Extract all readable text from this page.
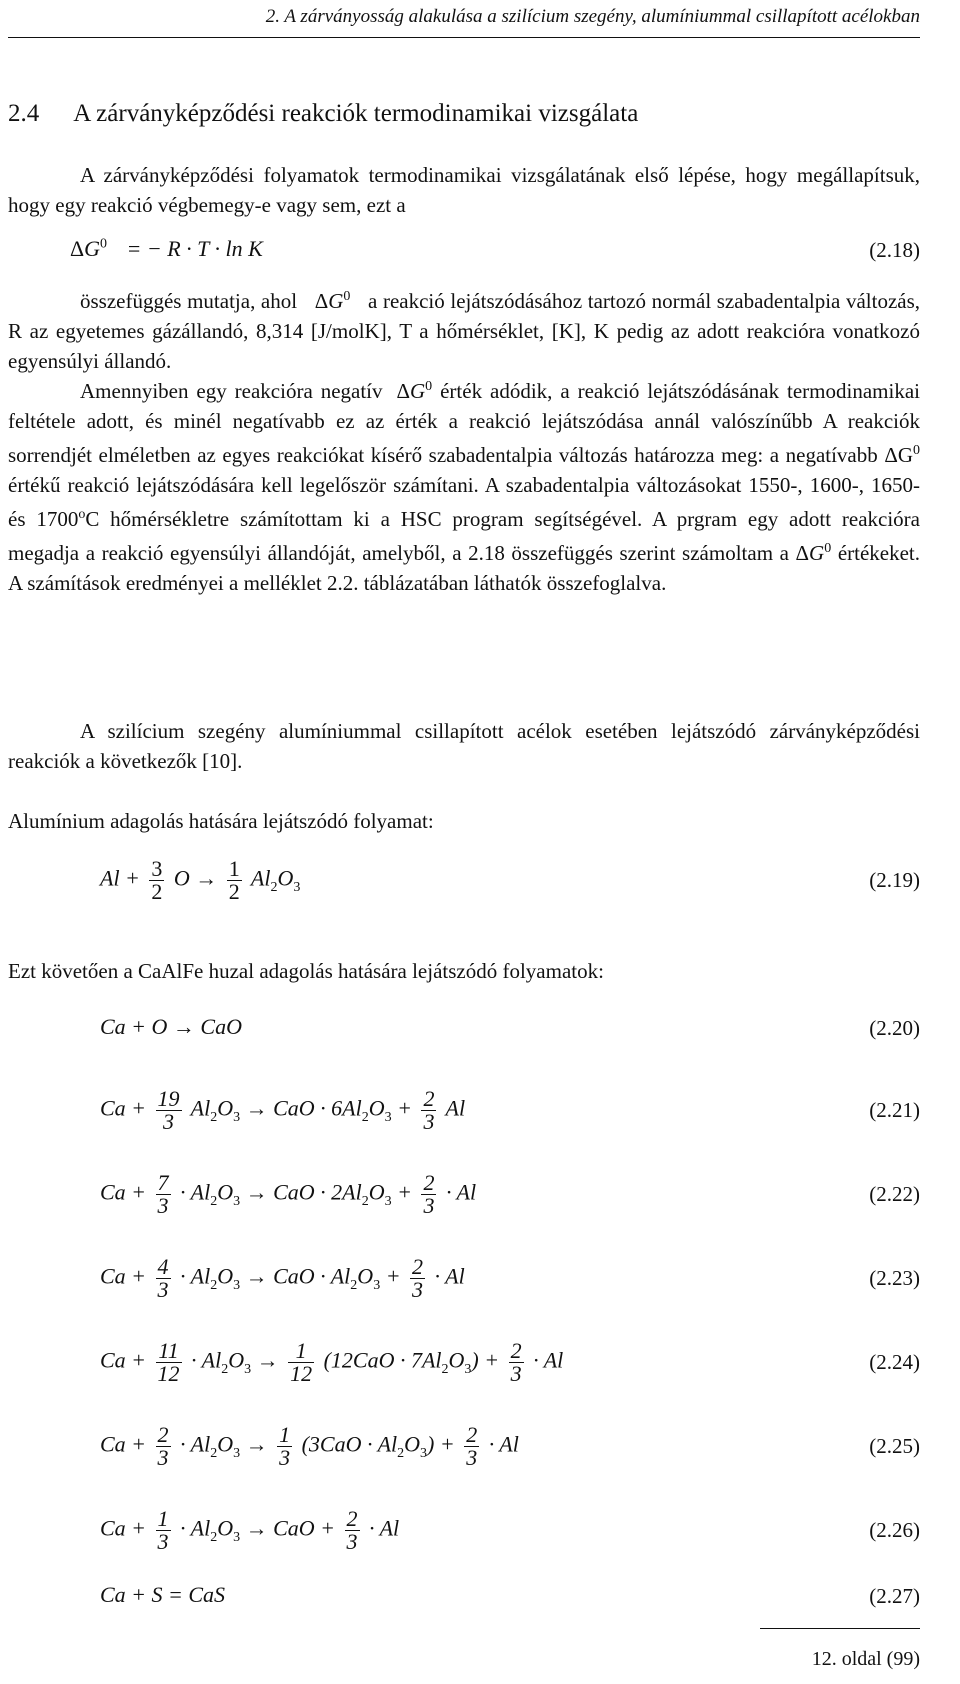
2. A zárványosság alakulása a szilícium szegény, alumíniummal csillapított acélokban
2.4 A zárványképződési reakciók termodinamikai vizsgálata
A zárványképződési folyamatok termodinamikai vizsgálatának első lépése, hogy megállapítsuk, hogy egy reakció végbemegy-e vagy sem, ezt a
$\Delta G^0$ = − R · T · ln K	(2.18)
összefüggés mutatja, ahol $\Delta G^0$ a reakció lejátszódásához tartozó normál szabadentalpia változás, R az egyetemes gázállandó, 8,314 [J/molK], T a hőmérséklet, [K], K pedig az adott reakcióra vonatkozó egyensúlyi állandó.
Amennyiben egy reakcióra negatív $\Delta G^0$ érték adódik, a reakció lejátszódásának termodinamikai feltétele adott, és minél negatívabb ez az érték a reakció lejátszódása annál valószínűbb A reakciók sorrendjét elméletben az egyes reakciókat kísérő szabadentalpia változás határozza meg: a negatívabb $\Delta G^0$ értékű reakció lejátszódására kell legelőször számítani. A szabadentalpia változásokat 1550-, 1600-, 1650- és 1700$^o$C hőmérsékletre számítottam ki a HSC program segítségével. A prgram egy adott reakcióra megadja a reakció egyensúlyi állandóját, amelyből, a 2.18 összefüggés szerint számoltam a $\Delta G^0$ értékeket. A számítások eredményei a melléklet 2.2. táblázatában láthatók összefoglalva.
A szilícium szegény alumíniummal csillapított acélok esetében lejátszódó zárványképződési reakciók a következők [10].
Alumínium adagolás hatására lejátszódó folyamat:
$Al + \frac{3}{2}$ $O \to \frac{1}{2} Al_2O_3$	(2.19)
Ezt követően a CaAlFe huzal adagolás hatására lejátszódó folyamatok:
Ca + O → CaO	(2.20)
$Ca + \frac{19}{3} Al_2O_3$ → CaO · $6Al_2O_3 + \frac{2}{3}$ Al	(2.21)
$Ca + \frac{7}{3} \cdot Al_2O_3$ → CaO · $2Al_2O_3 + \frac{2}{3} \cdot Al$	(2.22)
$Ca + \frac{4}{3} \cdot Al_2O_3$ → CaO · $Al_2O_3 + \frac{2}{3} \cdot Al$	(2.23)
$Ca + \frac{11}{12} \cdot Al_2O_3 \to \frac{1}{12} (12CaO \cdot 7Al_2O_3) + \frac{2}{3} \cdot Al$	(2.24)
$Ca + \frac{2}{3} \cdot Al_2O_3 \to \frac{1}{3} (3CaO \cdot Al_2O_3) + \frac{2}{3} \cdot Al$	(2.25)
$Ca + \frac{1}{3} \cdot Al_2O_3$ → CaO + $\frac{2}{3} \cdot Al$	(2.26)
Ca + S = CaS	(2.27)
12. oldal (99)
